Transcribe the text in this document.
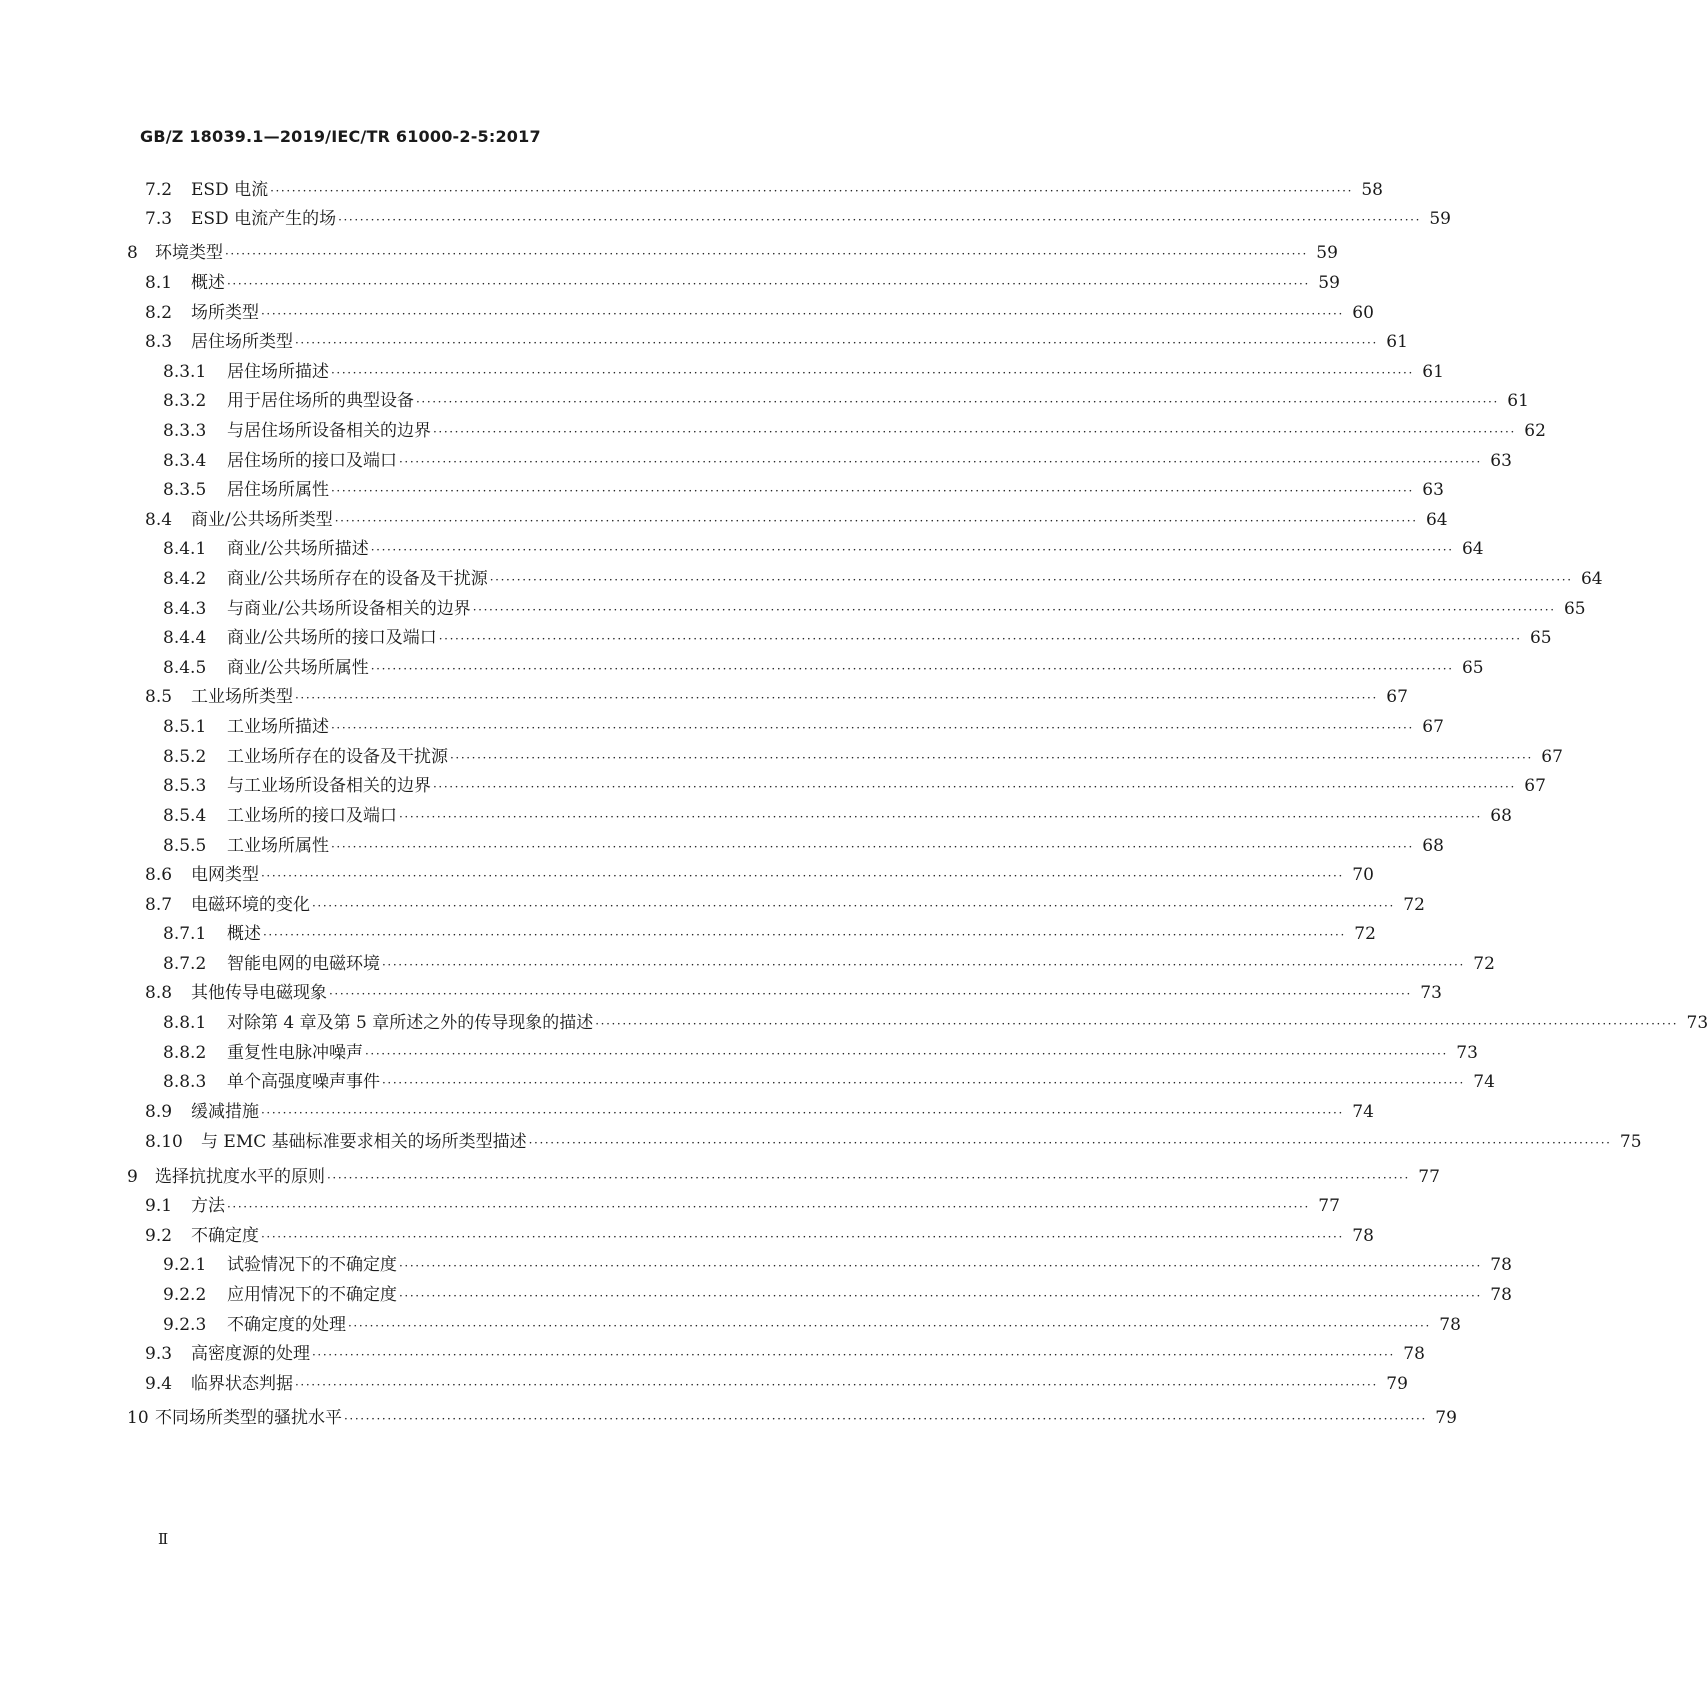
GB/Z 18039.1—2019/IEC/TR 61000-2-5:2017
7.2	ESD 电流 ········································································································································································································ 58
7.3	ESD 电流产生的场 ········································································································································································································ 59
8	环境类型 ········································································································································································································ 59
8.1	概述 ········································································································································································································ 59
8.2	场所类型 ········································································································································································································ 60
8.3	居住场所类型 ········································································································································································································ 61
8.3.1	居住场所描述 ········································································································································································································ 61
8.3.2	用于居住场所的典型设备 ········································································································································································································ 61
8.3.3	与居住场所设备相关的边界 ········································································································································································································ 62
8.3.4	居住场所的接口及端口 ········································································································································································································ 63
8.3.5	居住场所属性 ········································································································································································································ 63
8.4	商业/公共场所类型 ········································································································································································································ 64
8.4.1	商业/公共场所描述 ········································································································································································································ 64
8.4.2	商业/公共场所存在的设备及干扰源 ········································································································································································································ 64
8.4.3	与商业/公共场所设备相关的边界 ········································································································································································································ 65
8.4.4	商业/公共场所的接口及端口 ········································································································································································································ 65
8.4.5	商业/公共场所属性 ········································································································································································································ 65
8.5	工业场所类型 ········································································································································································································ 67
8.5.1	工业场所描述 ········································································································································································································ 67
8.5.2	工业场所存在的设备及干扰源 ········································································································································································································ 67
8.5.3	与工业场所设备相关的边界 ········································································································································································································ 67
8.5.4	工业场所的接口及端口 ········································································································································································································ 68
8.5.5	工业场所属性 ········································································································································································································ 68
8.6	电网类型 ········································································································································································································ 70
8.7	电磁环境的变化 ········································································································································································································ 72
8.7.1	概述 ········································································································································································································ 72
8.7.2	智能电网的电磁环境 ········································································································································································································ 72
8.8	其他传导电磁现象 ········································································································································································································ 73
8.8.1	对除第 4 章及第 5 章所述之外的传导现象的描述 ········································································································································································································ 73
8.8.2	重复性电脉冲噪声 ········································································································································································································ 73
8.8.3	单个高强度噪声事件 ········································································································································································································ 74
8.9	缓减措施 ········································································································································································································ 74
8.10	与 EMC 基础标准要求相关的场所类型描述 ········································································································································································································ 75
9	选择抗扰度水平的原则 ········································································································································································································ 77
9.1	方法 ········································································································································································································ 77
9.2	不确定度 ········································································································································································································ 78
9.2.1	试验情况下的不确定度 ········································································································································································································ 78
9.2.2	应用情况下的不确定度 ········································································································································································································ 78
9.2.3	不确定度的处理 ········································································································································································································ 78
9.3	高密度源的处理 ········································································································································································································ 78
9.4	临界状态判据 ········································································································································································································ 79
10 不同场所类型的骚扰水平 ········································································································································································································ 79
Ⅱ
